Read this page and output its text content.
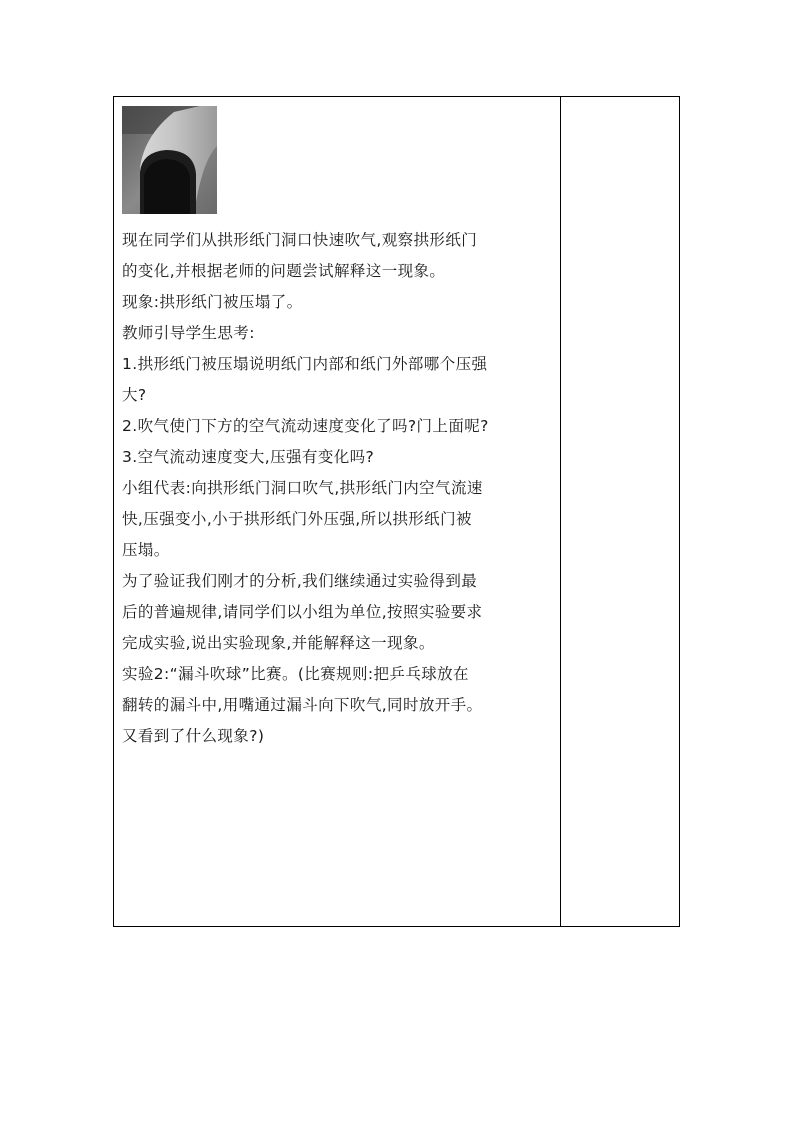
现在同学们从拱形纸门洞口快速吹气,观察拱形纸门
的变化,并根据老师的问题尝试解释这一现象。
现象:拱形纸门被压塌了。
教师引导学生思考:
1.拱形纸门被压塌说明纸门内部和纸门外部哪个压强
大?
2.吹气使门下方的空气流动速度变化了吗?门上面呢?
3.空气流动速度变大,压强有变化吗?
小组代表:向拱形纸门洞口吹气,拱形纸门内空气流速
快,压强变小,小于拱形纸门外压强,所以拱形纸门被
压塌。
为了验证我们刚才的分析,我们继续通过实验得到最
后的普遍规律,请同学们以小组为单位,按照实验要求
完成实验,说出实验现象,并能解释这一现象。
实验2:“漏斗吹球”比赛。(比赛规则:把乒乓球放在
翻转的漏斗中,用嘴通过漏斗向下吹气,同时放开手。
又看到了什么现象?)
